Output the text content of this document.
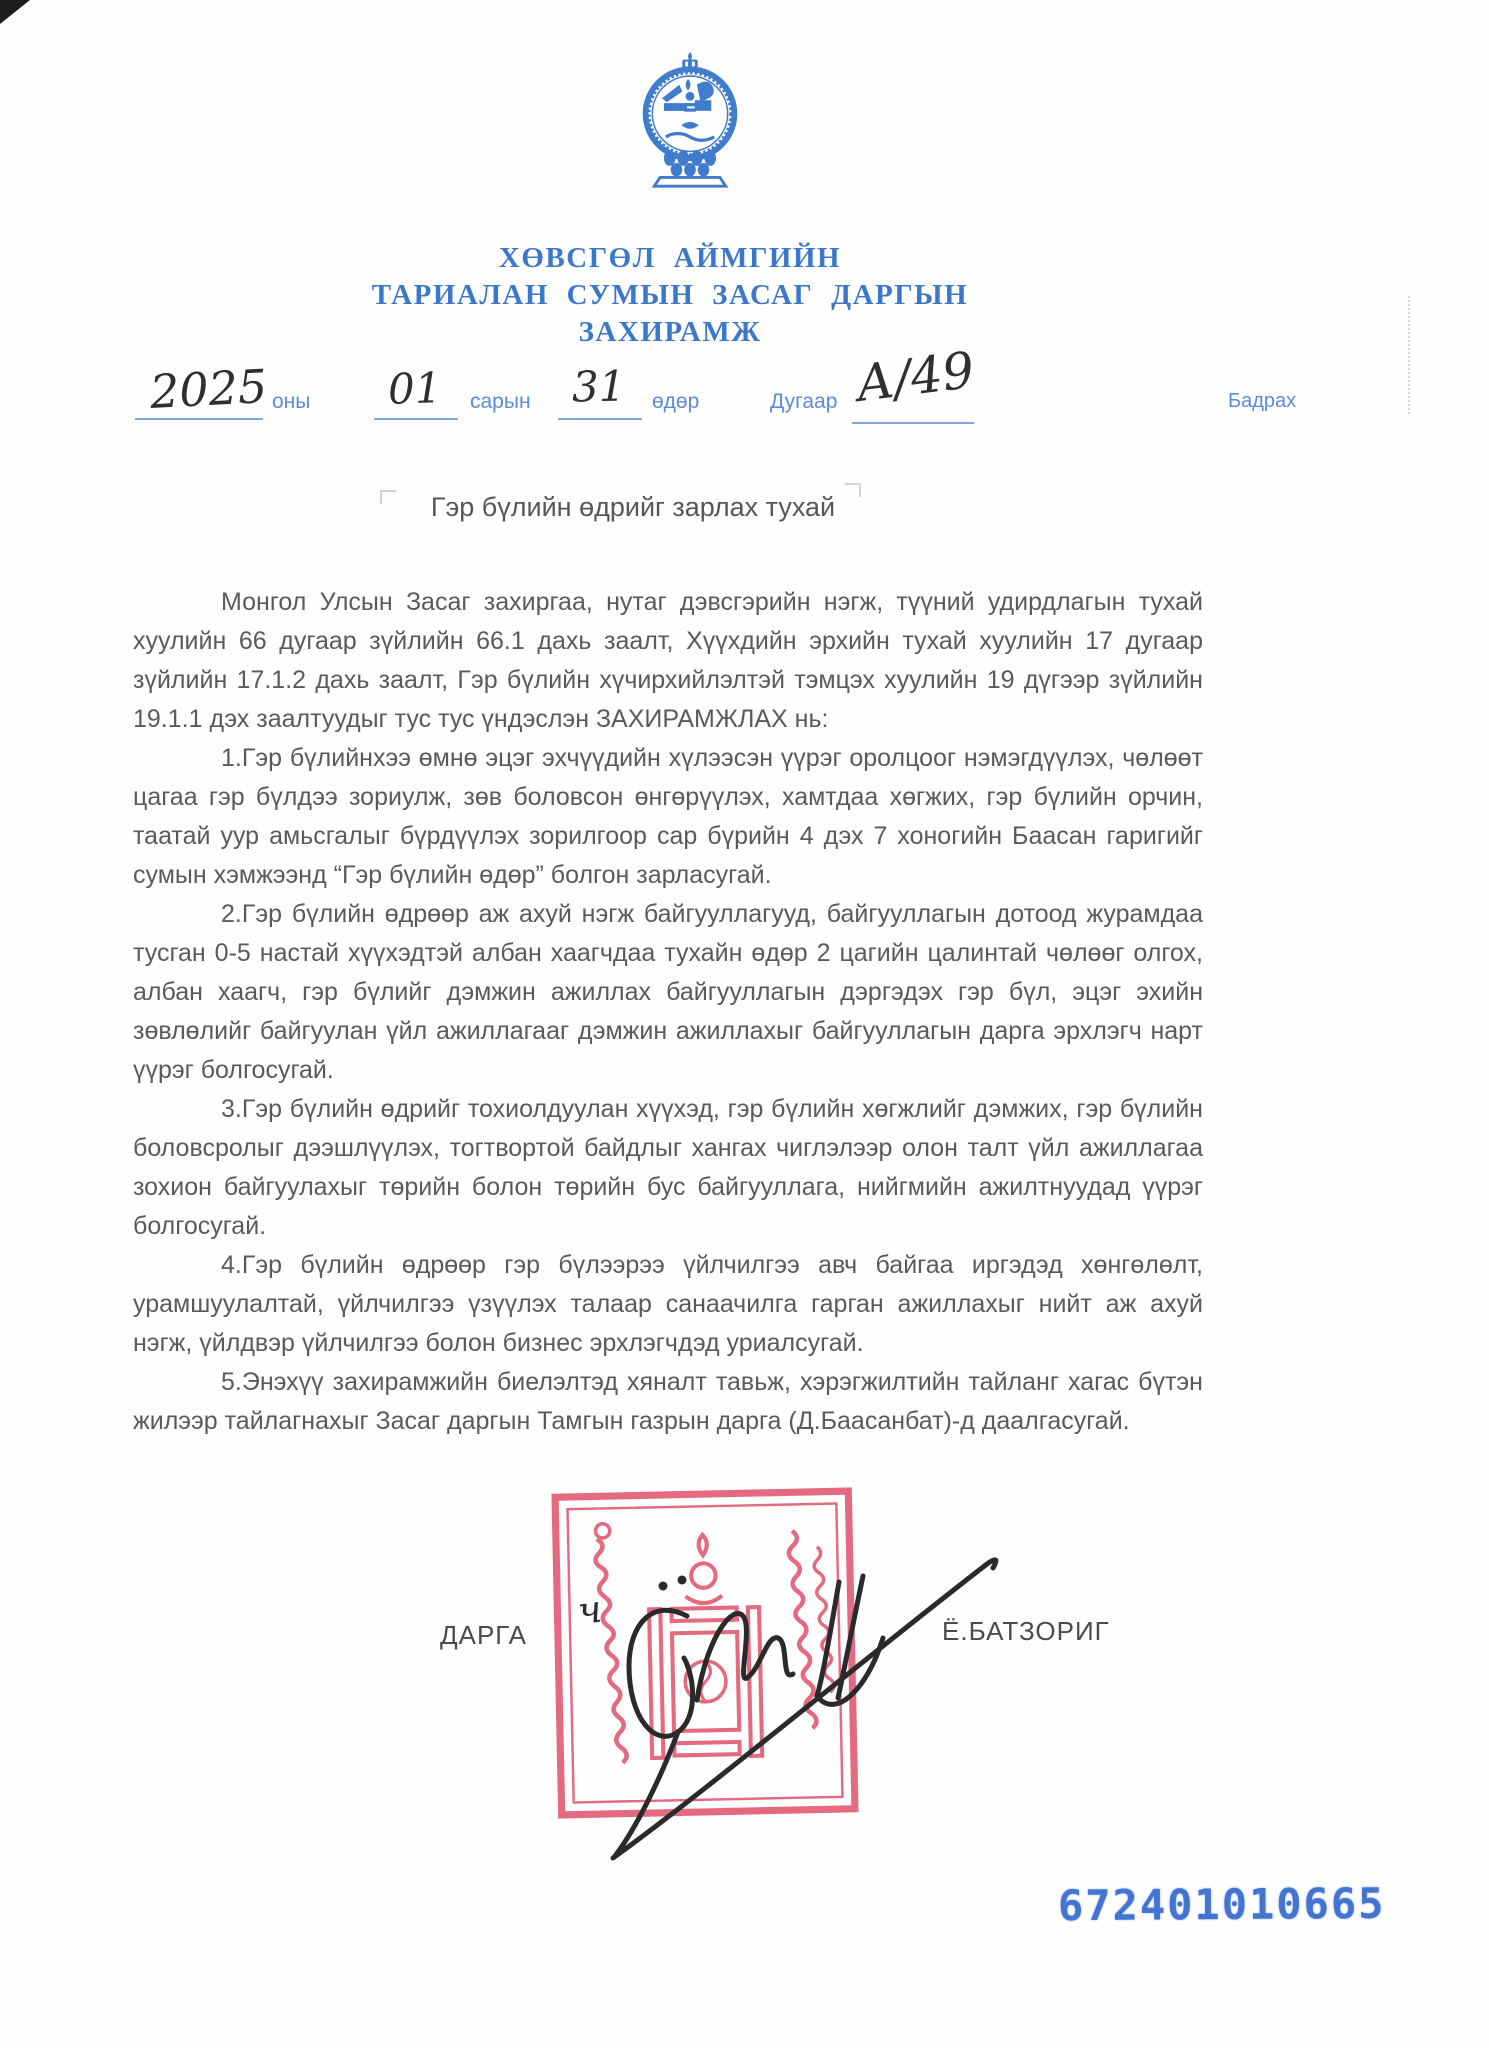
ХӨВСГӨЛ АЙМГИЙН
ТАРИАЛАН СУМЫН ЗАСАГ ДАРГЫН
ЗАХИРАМЖ
2025 оны 01 сарын 31 өдөр	Дугаар А/49	Бадрах
Гэр бүлийн өдрийг зарлах тухай

Монгол Улсын Засаг захиргаа, нутаг дэвсгэрийн нэгж, түүний удирдлагын тухай хуулийн 66 дугаар зүйлийн 66.1 дахь заалт, Хүүхдийн эрхийн тухай хуулийн 17 дугаар зүйлийн 17.1.2 дахь заалт, Гэр бүлийн хүчирхийлэлтэй тэмцэх хуулийн 19 дүгээр зүйлийн 19.1.1 дэх заалтуудыг тус тус үндэслэн ЗАХИРАМЖЛАХ нь:

1.Гэр бүлийнхээ өмнө эцэг эхчүүдийн хүлээсэн үүрэг оролцоог нэмэгдүүлэх, чөлөөт цагаа гэр бүлдээ зориулж, зөв боловсон өнгөрүүлэх, хамтдаа хөгжих, гэр бүлийн орчин, таатай уур амьсгалыг бүрдүүлэх зорилгоор сар бүрийн 4 дэх 7 хоногийн Баасан гаригийг сумын хэмжээнд “Гэр бүлийн өдөр” болгон зарласугай.

2.Гэр бүлийн өдрөөр аж ахуй нэгж байгууллагууд, байгууллагын дотоод журамдаа тусган 0-5 настай хүүхэдтэй албан хаагчдаа тухайн өдөр 2 цагийн цалинтай чөлөөг олгох, албан хаагч, гэр бүлийг дэмжин ажиллах байгууллагын дэргэдэх гэр бүл, эцэг эхийн зөвлөлийг байгуулан үйл ажиллагааг дэмжин ажиллахыг байгууллагын дарга эрхлэгч нарт үүрэг болгосугай.

3.Гэр бүлийн өдрийг тохиолдуулан хүүхэд, гэр бүлийн хөгжлийг дэмжих, гэр бүлийн боловсролыг дээшлүүлэх, тогтвортой байдлыг хангах чиглэлээр олон талт үйл ажиллагаа зохион байгуулахыг төрийн болон төрийн бус байгууллага, нийгмийн ажилтнуудад үүрэг болгосугай.

4.Гэр бүлийн өдрөөр гэр бүлээрээ үйлчилгээ авч байгаа иргэдэд хөнгөлөлт, урамшуулалтай, үйлчилгээ үзүүлэх талаар санаачилга гарган ажиллахыг нийт аж ахуй нэгж, үйлдвэр үйлчилгээ болон бизнес эрхлэгчдэд уриалсугай.

5.Энэхүү захирамжийн биелэлтэд хяналт тавьж, хэрэгжилтийн тайланг хагас бүтэн жилээр тайлагнахыг Засаг даргын Тамгын газрын дарга (Д.Баасанбат)-д даалгасугай.

ДАРГА	Ё.БАТЗОРИГ
ч
672401010665
